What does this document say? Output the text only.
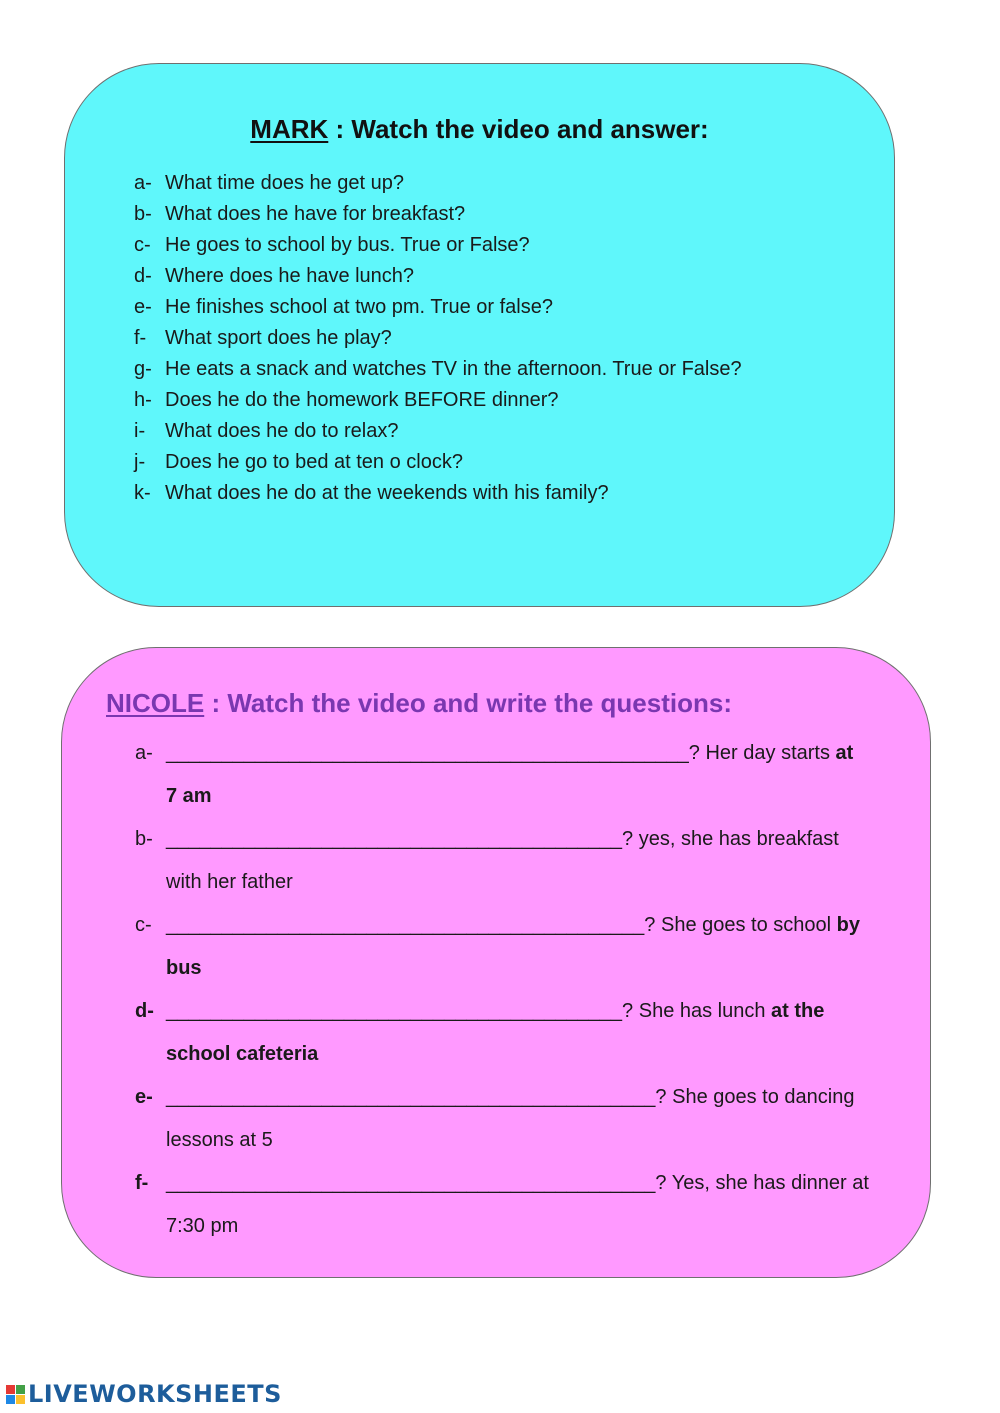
MARK : Watch the video and answer:
a- What time does he get up?
b- What does he have for breakfast?
c- He goes to school by bus. True or False?
d- Where does he have lunch?
e- He finishes school at two pm. True or false?
f- What sport does he play?
g- He eats a snack and watches TV in the afternoon. True or False?
h- Does he do the homework BEFORE dinner?
i- What does he do to relax?
j- Does he go to bed at ten o clock?
k- What does he do at the weekends with his family?
NICOLE : Watch the video and write the questions:
a- _______________________________________________? Her day starts at
7 am
b- _________________________________________? yes, she has breakfast
with her father
c- ___________________________________________? She goes to school by
bus
d- _________________________________________? She has lunch at the
school cafeteria
e- ____________________________________________? She goes to dancing
lessons at 5
f- ____________________________________________? Yes, she has dinner at
7:30 pm
LIVEWORKSHEETS
